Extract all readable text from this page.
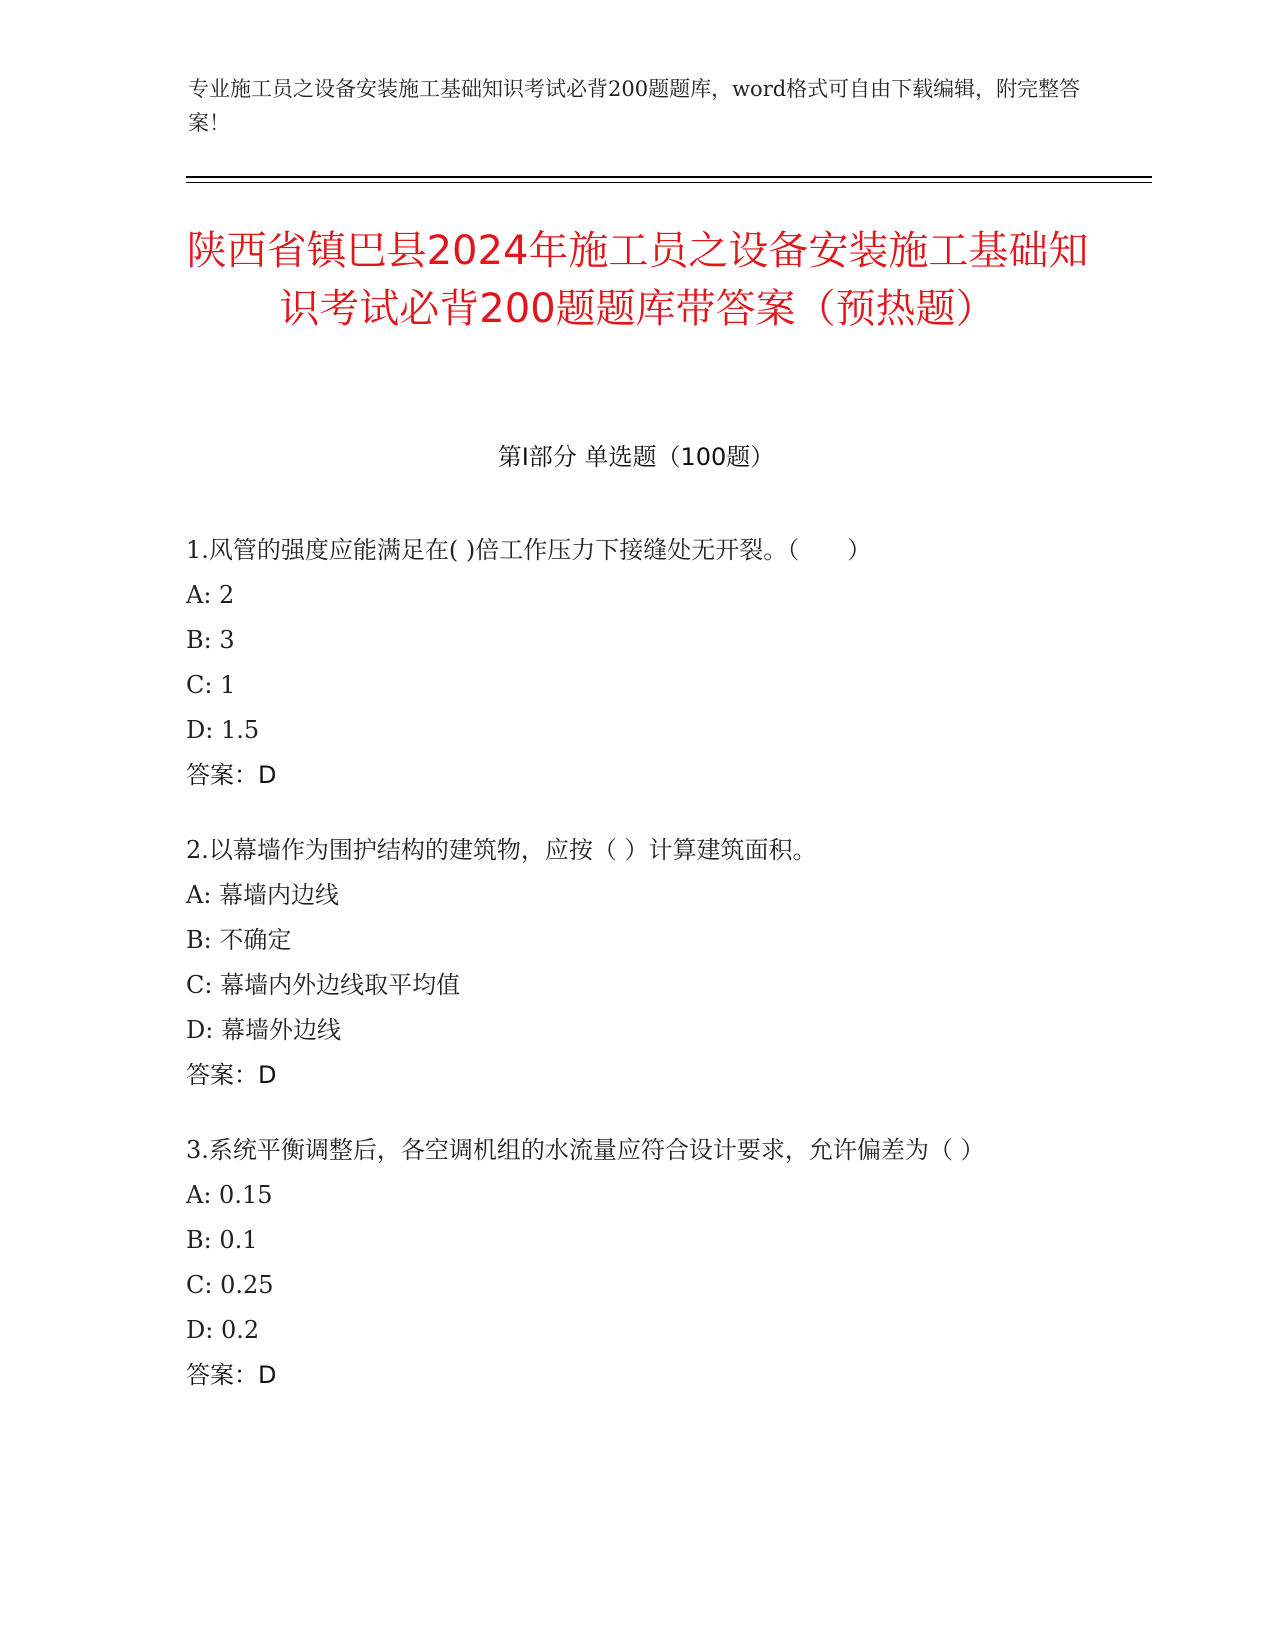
专业施工员之设备安装施工基础知识考试必背200题题库，word格式可自由下载编辑，附完整答案！
陕西省镇巴县2024年施工员之设备安装施工基础知识考试必背200题题库带答案（预热题）
第Ⅰ部分 单选题（100题）
1.风管的强度应能满足在( )倍工作压力下接缝处无开裂。（　　）
A: 2
B: 3
C: 1
D: 1.5
答案：D
2.以幕墙作为围护结构的建筑物，应按（ ）计算建筑面积。
A: 幕墙内边线
B: 不确定
C: 幕墙内外边线取平均值
D: 幕墙外边线
答案：D
3.系统平衡调整后，各空调机组的水流量应符合设计要求，允许偏差为（ ）
A: 0.15
B: 0.1
C: 0.25
D: 0.2
答案：D
